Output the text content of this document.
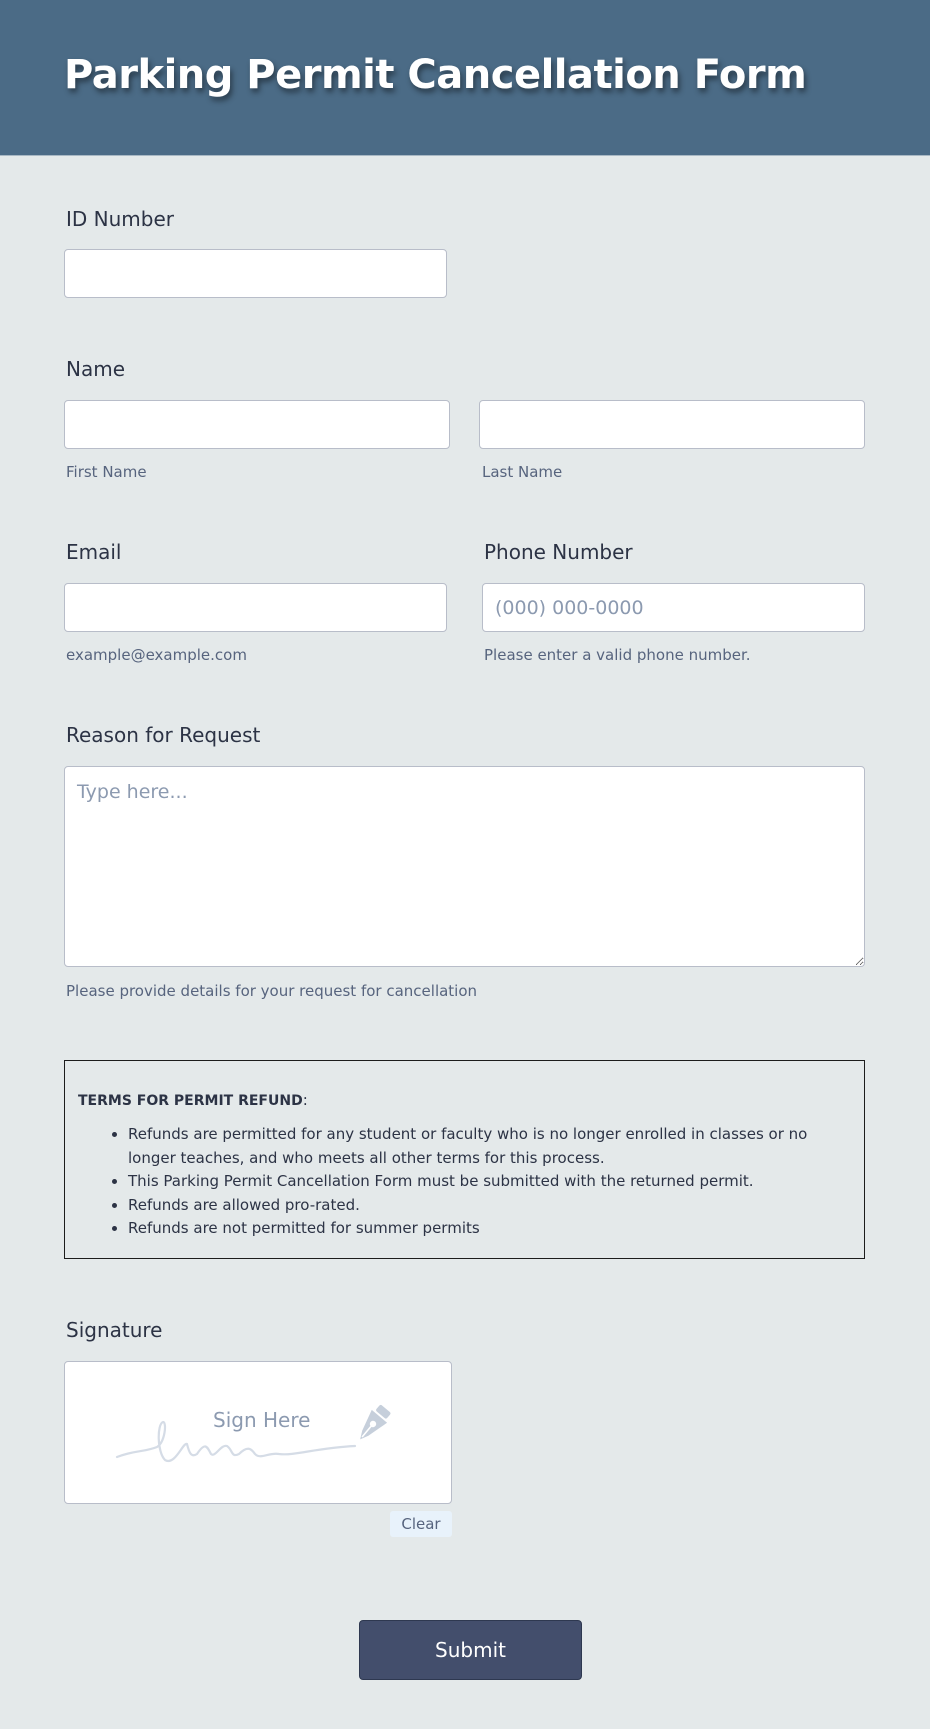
Parking Permit Cancellation Form
ID Number
Name
First Name	Last Name
Email
example@example.com
Phone Number
(000) 000-0000
Please enter a valid phone number.
Reason for Request
Type here...
Please provide details for your request for cancellation
TERMS FOR PERMIT REFUND:
• Refunds are permitted for any student or faculty who is no longer enrolled in classes or no longer teaches, and who meets all other terms for this process.
• This Parking Permit Cancellation Form must be submitted with the returned permit.
• Refunds are allowed pro-rated.
• Refunds are not permitted for summer permits
Signature
Sign Here
Clear
Submit
